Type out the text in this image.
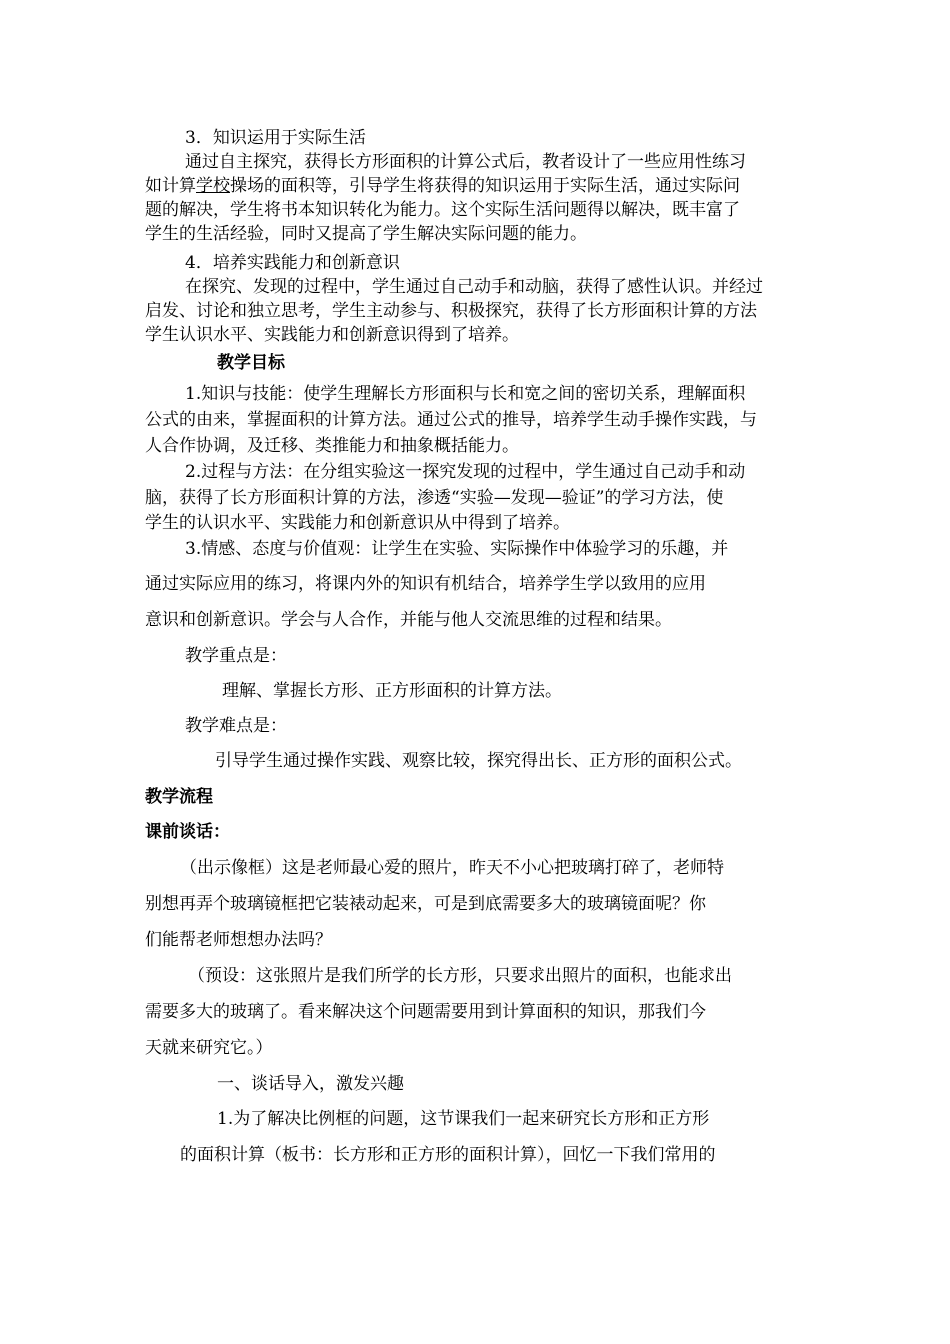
3．知识运用于实际生活
通过自主探究，获得长方形面积的计算公式后，教者设计了一些应用性练习
如计算学校操场的面积等，引导学生将获得的知识运用于实际生活，通过实际问
题的解决，学生将书本知识转化为能力。这个实际生活问题得以解决，既丰富了
学生的生活经验，同时又提高了学生解决实际问题的能力。
4．培养实践能力和创新意识
在探究、发现的过程中，学生通过自己动手和动脑，获得了感性认识。并经过
启发、讨论和独立思考，学生主动参与、积极探究，获得了长方形面积计算的方法
学生认识水平、实践能力和创新意识得到了培养。
教学目标
1.知识与技能：使学生理解长方形面积与长和宽之间的密切关系，理解面积
公式的由来，掌握面积的计算方法。通过公式的推导，培养学生动手操作实践，与
人合作协调，及迁移、类推能力和抽象概括能力。
2.过程与方法：在分组实验这一探究发现的过程中，学生通过自己动手和动
脑，获得了长方形面积计算的方法，渗透“实验—发现—验证”的学习方法，使
学生的认识水平、实践能力和创新意识从中得到了培养。
3.情感、态度与价值观：让学生在实验、实际操作中体验学习的乐趣，并
通过实际应用的练习，将课内外的知识有机结合，培养学生学以致用的应用
意识和创新意识。学会与人合作，并能与他人交流思维的过程和结果。
教学重点是：
理解、掌握长方形、正方形面积的计算方法。
教学难点是：
引导学生通过操作实践、观察比较，探究得出长、正方形的面积公式。
教学流程
课前谈话：
（出示像框）这是老师最心爱的照片，昨天不小心把玻璃打碎了，老师特
别想再弄个玻璃镜框把它装裱动起来，可是到底需要多大的玻璃镜面呢？你
们能帮老师想想办法吗？
（预设：这张照片是我们所学的长方形，只要求出照片的面积，也能求出
需要多大的玻璃了。看来解决这个问题需要用到计算面积的知识，那我们今
天就来研究它。）
一、谈话导入，激发兴趣
1.为了解决比例框的问题，这节课我们一起来研究长方形和正方形
的面积计算（板书：长方形和正方形的面积计算），回忆一下我们常用的
